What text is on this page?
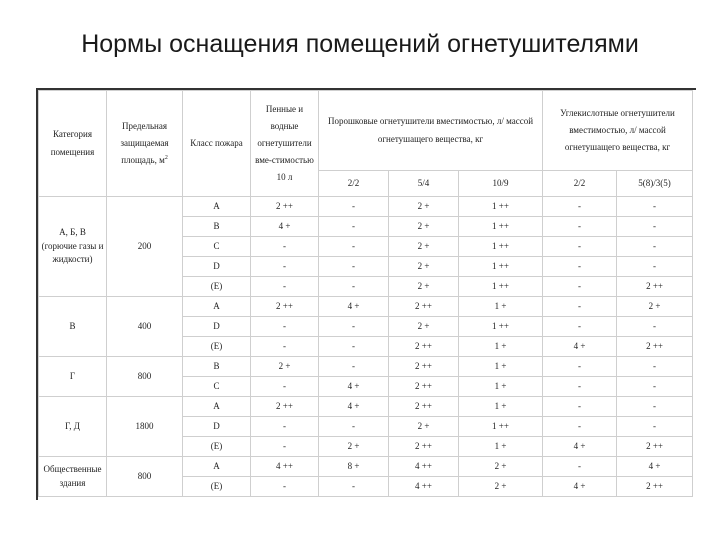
Нормы оснащения помещений огнетушителями
Категория помещения	Предельная защищаемая площадь, $м^2$	Класс пожара	Пенные и водные огнетушители вме-стимостью 10 л	Порошковые огнетушители вместимостью, л/ массой огнетушащего вещества, кг			Углекислотные огнетушители вместимостью, л/ массой огнетушащего вещества, кг	
				2/2	5/4	10/9	2/2	5(8)/3(5)
А, Б, В (горючие газы и жидкости)	200	А	2 ++	-	2 +	1 ++	-	-
		В	4 +	-	2 +	1 ++	-	-
		С	-	-	2 +	1 ++	-	-
		D	-	-	2 +	1 ++	-	-
		(Е)	-	-	2 +	1 ++	-	2 ++
В	400	А	2 ++	4 +	2 ++	1 +	-	2 +
		D	-	-	2 +	1 ++	-	-
		(Е)	-	-	2 ++	1 +	4 +	2 ++
Г	800	В	2 +	-	2 ++	1 +	-	-
		С	-	4 +	2 ++	1 +	-	-
Г, Д	1800	А	2 ++	4 +	2 ++	1 +	-	-
		D	-	-	2 +	1 ++	-	-
		(Е)	-	2 +	2 ++	1 +	4 +	2 ++
Общественные здания	800	А	4 ++	8 +	4 ++	2 +	-	4 +
		(Е)	-	-	4 ++	2 +	4 +	2 ++
